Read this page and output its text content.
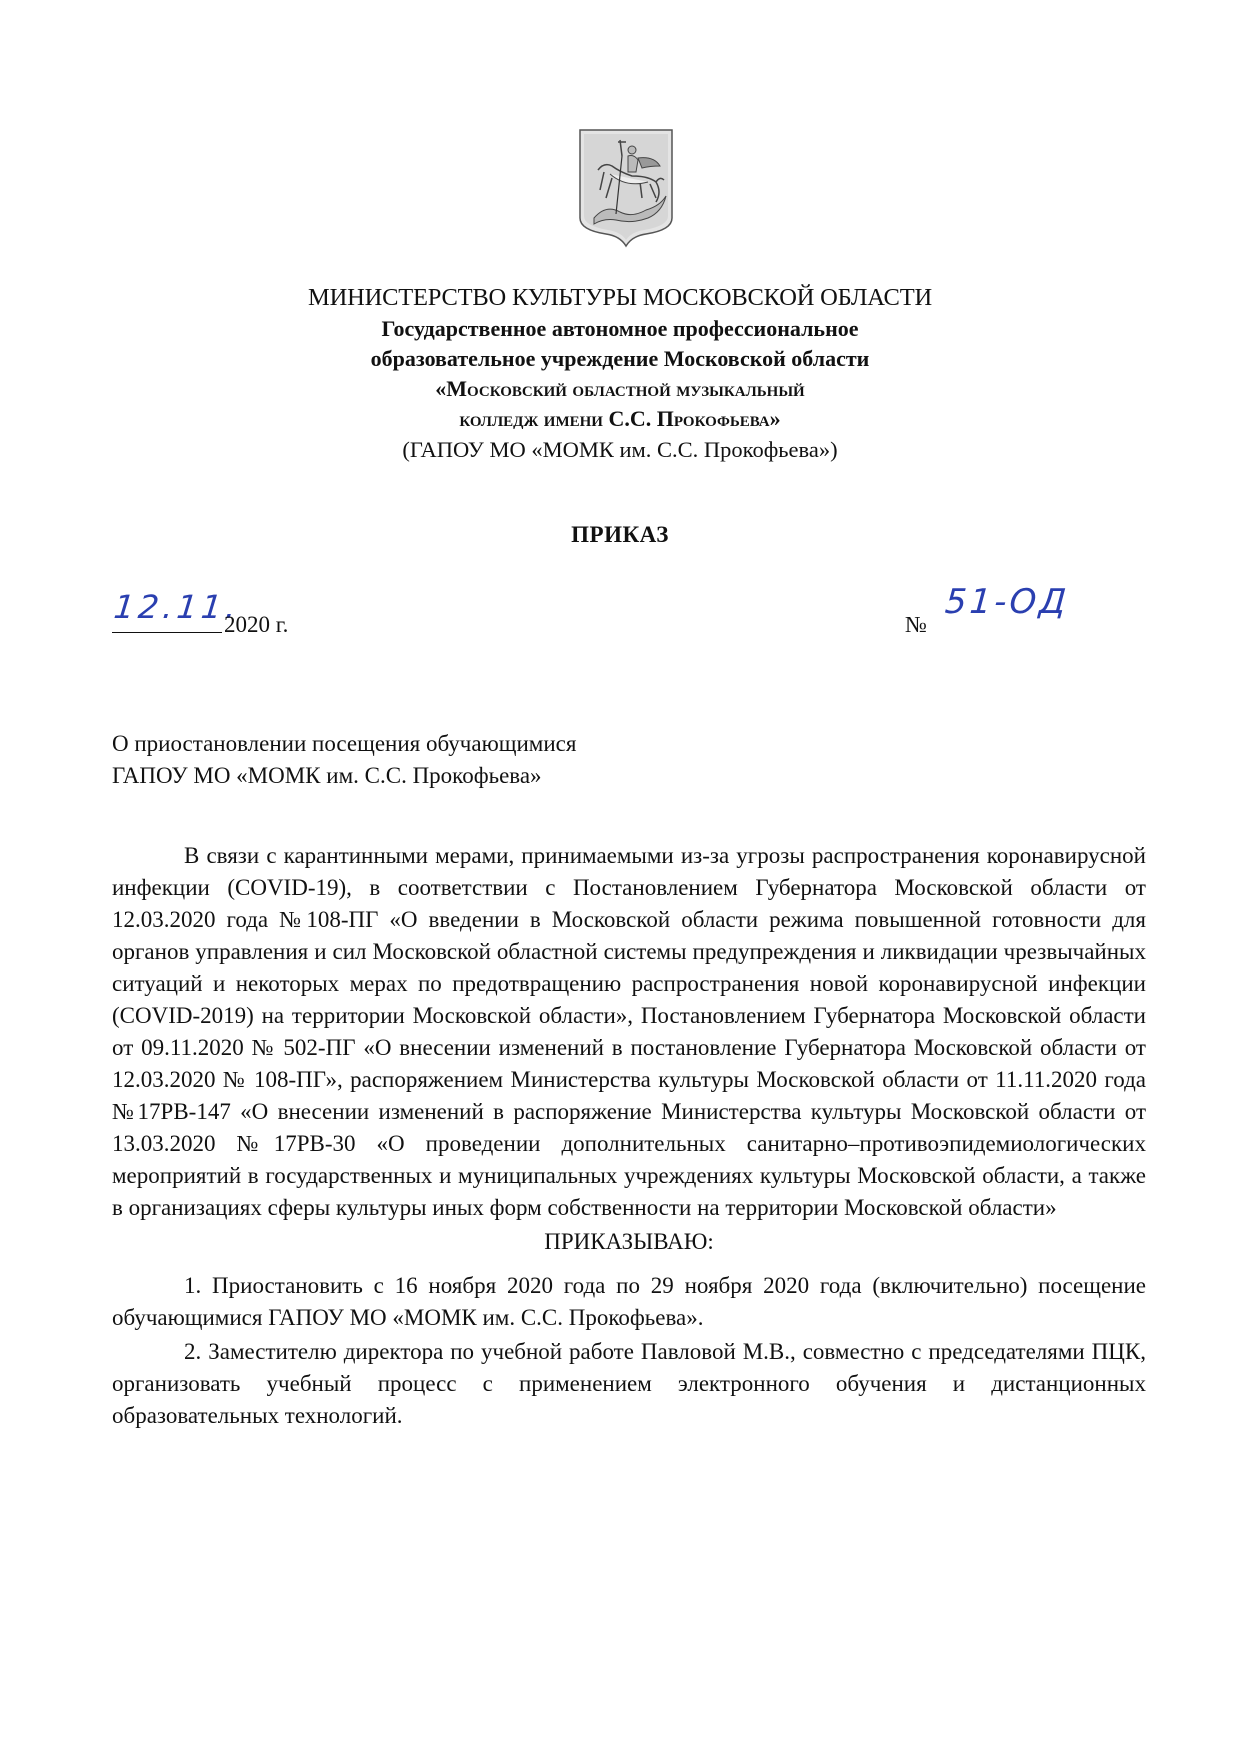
МИНИСТЕРСТВО КУЛЬТУРЫ МОСКОВСКОЙ ОБЛАСТИ
Государственное автономное профессиональное
образовательное учреждение Московской области
«Московский областной музыкальный
колледж имени С.С. Прокофьева»
(ГАПОУ МО «МОМК им. С.С. Прокофьева»)
ПРИКАЗ
12.11.
2020 г.	№
51-ОД
О приостановлении посещения обучающимися
ГАПОУ МО «МОМК им. С.С. Прокофьева»

В связи с карантинными мерами, принимаемыми из-за угрозы распространения коронавирусной инфекции (COVID-19), в соответствии с Постановлением Губернатора Московской области от 12.03.2020 года №108-ПГ «О введении в Московской области режима повышенной готовности для органов управления и сил Московской областной системы предупреждения и ликвидации чрезвычайных ситуаций и некоторых мерах по предотвращению распространения новой коронавирусной инфекции (COVID-2019) на территории Московской области», Постановлением Губернатора Московской области от 09.11.2020 № 502-ПГ «О внесении изменений в постановление Губернатора Московской области от 12.03.2020 № 108-ПГ», распоряжением Министерства культуры Московской области от 11.11.2020 года №17РВ-147 «О внесении изменений в распоряжение Министерства культуры Московской области от 13.03.2020 №17РВ-30 «О проведении дополнительных санитарно–противоэпидемиологических мероприятий в государственных и муниципальных учреждениях культуры Московской области, а также в организациях сферы культуры иных форм собственности на территории Московской области»

ПРИКАЗЫВАЮ:

1. Приостановить с 16 ноября 2020 года по 29 ноября 2020 года (включительно) посещение обучающимися ГАПОУ МО «МОМК им. С.С. Прокофьева».

2. Заместителю директора по учебной работе Павловой М.В., совместно с председателями ПЦК, организовать учебный процесс с применением электронного обучения и дистанционных образовательных технологий.
